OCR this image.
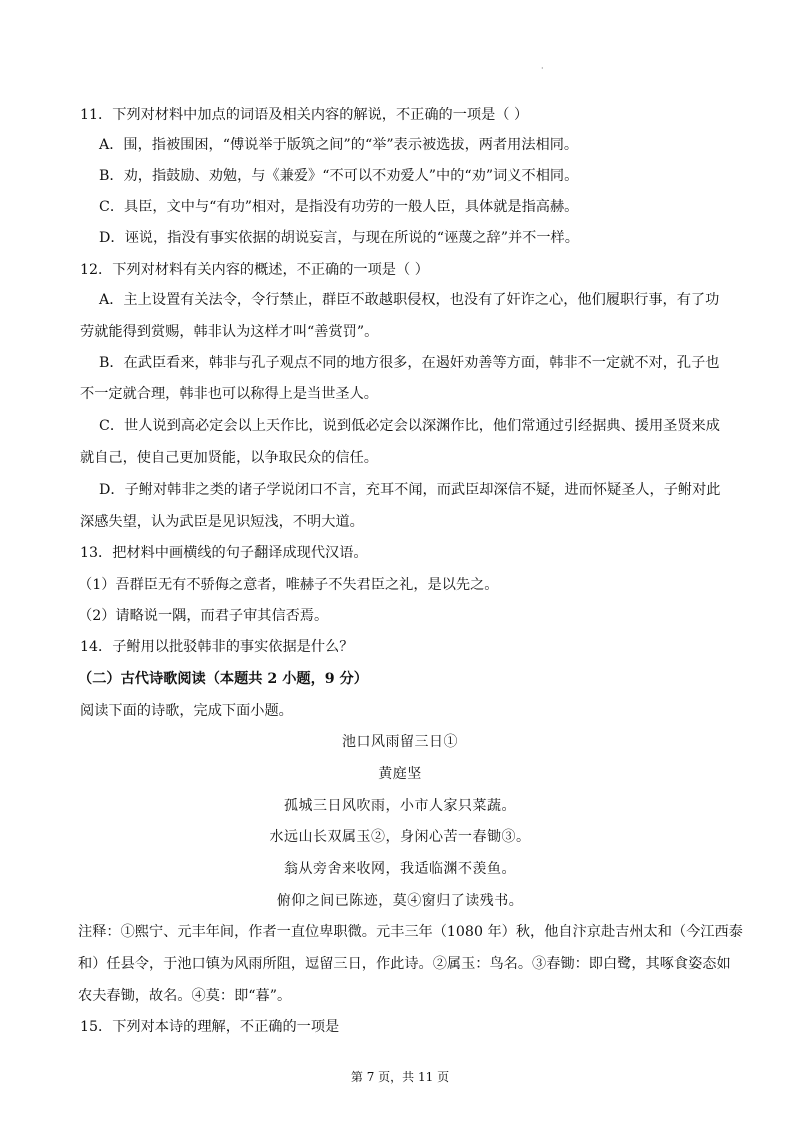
·
11．下列对材料中加点的词语及相关内容的解说，不正确的一项是（ ）
A．围，指被围困，“傅说举于版筑之间”的“举”表示被选拔，两者用法相同。
B．劝，指鼓励、劝勉，与《兼爱》“不可以不劝爱人”中的“劝”词义不相同。
C．具臣，文中与“有功”相对，是指没有功劳的一般人臣，具体就是指高赫。
D．诬说，指没有事实依据的胡说妄言，与现在所说的“诬蔑之辞”并不一样。
12．下列对材料有关内容的概述，不正确的一项是（ ）
A．主上设置有关法令，令行禁止，群臣不敢越职侵权，也没有了奸诈之心，他们履职行事，有了功
劳就能得到赏赐，韩非认为这样才叫“善赏罚”。
B．在武臣看来，韩非与孔子观点不同的地方很多，在遏奸劝善等方面，韩非不一定就不对，孔子也
不一定就合理，韩非也可以称得上是当世圣人。
C．世人说到高必定会以上天作比，说到低必定会以深渊作比，他们常通过引经据典、援用圣贤来成
就自己，使自己更加贤能，以争取民众的信任。
D．子鲋对韩非之类的诸子学说闭口不言，充耳不闻，而武臣却深信不疑，进而怀疑圣人，子鲋对此
深感失望，认为武臣是见识短浅，不明大道。
13．把材料中画横线的句子翻译成现代汉语。
（1）吾群臣无有不骄侮之意者，唯赫子不失君臣之礼，是以先之。
（2）请略说一隅，而君子审其信否焉。
14．子鲋用以批驳韩非的事实依据是什么？
（二）古代诗歌阅读（本题共 2 小题，9 分）
阅读下面的诗歌，完成下面小题。
池口风雨留三日①
黄庭坚
孤城三日风吹雨，小市人家只菜蔬。
水远山长双属玉②，身闲心苦一春锄③。
翁从旁舍来收网，我适临渊不羡鱼。
俯仰之间已陈迹，莫④窗归了读残书。
注释：①熙宁、元丰年间，作者一直位卑职微。元丰三年（1080 年）秋，他自汴京赴吉州太和（今江西泰
和）任县令，于池口镇为风雨所阻，逗留三日，作此诗。②属玉：鸟名。③春锄：即白鹭，其啄食姿态如
农夫春锄，故名。④莫：即“暮”。
15．下列对本诗的理解，不正确的一项是
第 7 页，共 11 页
